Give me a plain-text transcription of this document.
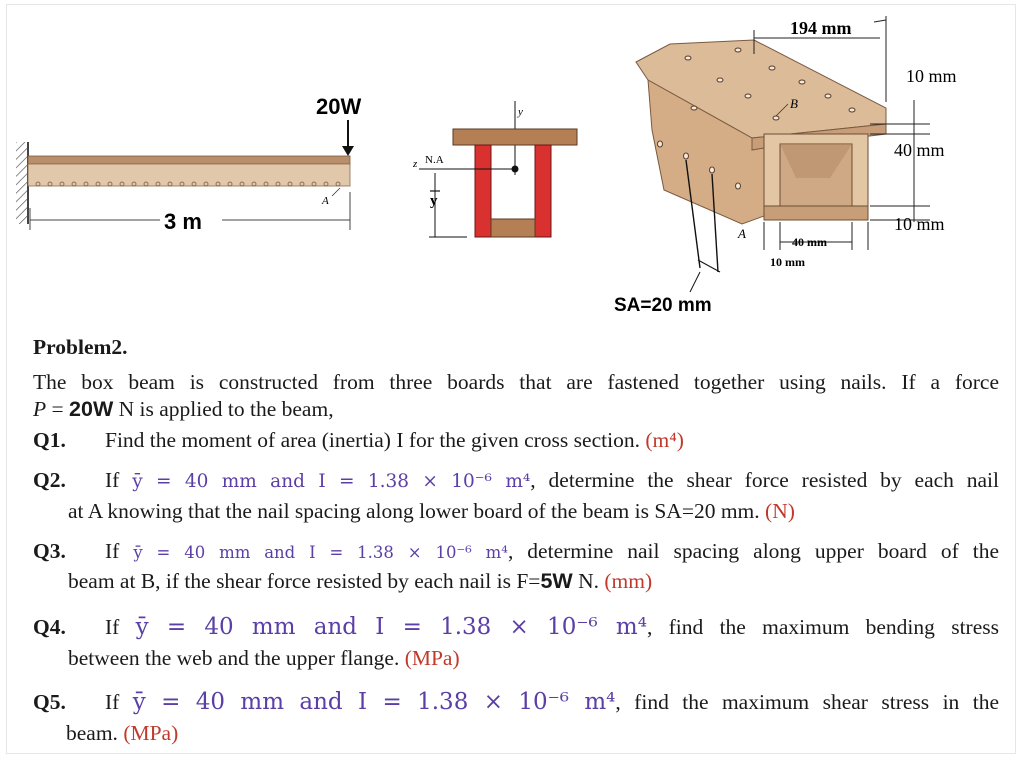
20W
A
3 m
y
z N.A
y
B
A
194 mm
10 mm
40 mm
10 mm
40 mm
10 mm
SA=20 mm
Problem2.
The box beam is constructed from three boards that are fastened together using nails. If a force
P = 20W N is applied to the beam,
Q1. Find the moment of area (inertia) I for the given cross section. (m⁴)
Q2. If ȳ = 40 mm and I = 1.38 × 10⁻⁶ m⁴, determine the shear force resisted by each nail
at A knowing that the nail spacing along lower board of the beam is SA=20 mm. (N)
Q3. If ȳ = 40 mm and I = 1.38 × 10⁻⁶ m⁴, determine nail spacing along upper board of the
beam at B, if the shear force resisted by each nail is F=5W N. (mm)
Q4. If ȳ = 40 mm and I = 1.38 × 10⁻⁶ m⁴, find the maximum bending stress
between the web and the upper flange. (MPa)
Q5. If ȳ = 40 mm and I = 1.38 × 10⁻⁶ m⁴, find the maximum shear stress in the
beam. (MPa)
